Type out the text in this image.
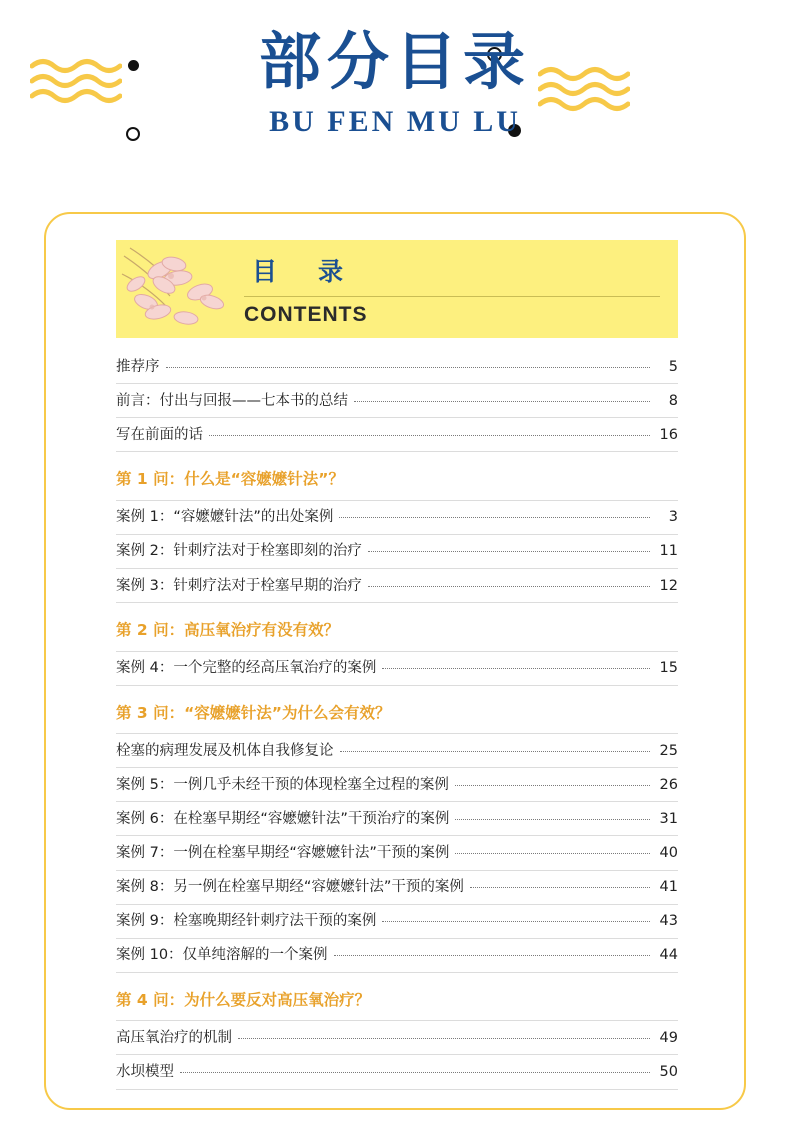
部分目录
BU FEN MU LU
目　录
CONTENTS
推荐序	5
前言：付出与回报——七本书的总结	8
写在前面的话	16
第 1 问：什么是“容嬷嬷针法”？
案例 1：“容嬷嬷针法”的出处案例	3
案例 2：针刺疗法对于栓塞即刻的治疗	11
案例 3：针刺疗法对于栓塞早期的治疗	12
第 2 问：高压氧治疗有没有效？
案例 4：一个完整的经高压氧治疗的案例	15
第 3 问：“容嬷嬷针法”为什么会有效？
栓塞的病理发展及机体自我修复论	25
案例 5：一例几乎未经干预的体现栓塞全过程的案例	26
案例 6：在栓塞早期经“容嬷嬷针法”干预治疗的案例	31
案例 7：一例在栓塞早期经“容嬷嬷针法”干预的案例	40
案例 8：另一例在栓塞早期经“容嬷嬷针法”干预的案例	41
案例 9：栓塞晚期经针刺疗法干预的案例	43
案例 10：仅单纯溶解的一个案例	44
第 4 问：为什么要反对高压氧治疗？
高压氧治疗的机制	49
水坝模型	50
